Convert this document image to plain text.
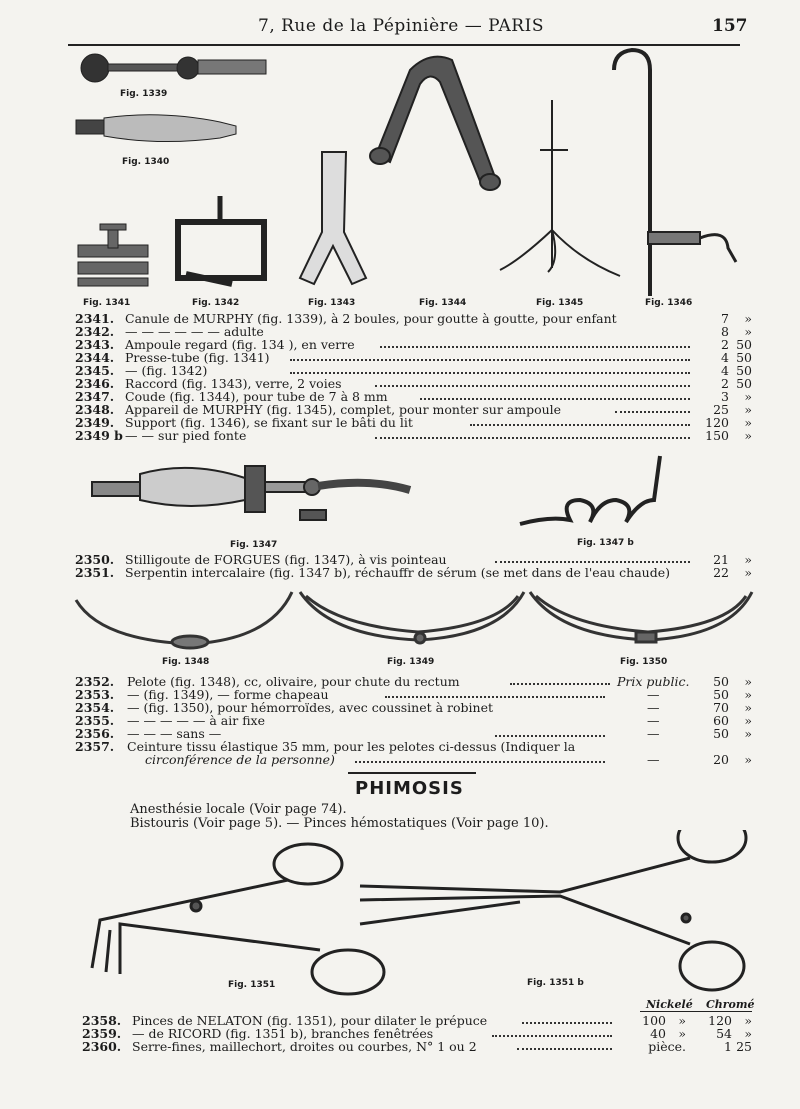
7, Rue de la Pépinière — PARIS	157
Fig. 1339
Fig. 1340
Fig. 1341	Fig. 1342	Fig. 1343	Fig. 1344	Fig. 1345	Fig. 1346
2341. Canule de MURPHY (fig. 1339), à 2 boules, pour goutte à goutte, pour enfant	7	»
2342. — — — — — — adulte	8	»
2343. Ampoule regard (fig. 134 ), en verre	2 50
2344. Presse-tube (fig. 1341)	4 50
2345. — (fig. 1342)	4 50
2346. Raccord (fig. 1343), verre, 2 voies	2 50
2347. Coude (fig. 1344), pour tube de 7 à 8 mm	3	»
2348. Appareil de MURPHY (fig. 1345), complet, pour monter sur ampoule	25	»
2349. Support (fig. 1346), se fixant sur le bâti du lit	120	»
2349 b — — sur pied fonte	150	»
Fig. 1347	Fig. 1347 b
2350. Stilligoute de FORGUES (fig. 1347), à vis pointeau	21	»
2351. Serpentin intercalaire (fig. 1347 b), réchauffr de sérum (se met dans de l'eau chaude)	22	»
Fig. 1348	Fig. 1349	Fig. 1350
2352. Pelote (fig. 1348), cc, olivaire, pour chute du rectum	Prix public.	50	»
2353. — (fig. 1349), — forme chapeau	—	50	»
2354. — (fig. 1350), pour hémorroïdes, avec coussinet à robinet	—	70	»
2355. — — — — — à air fixe	—	60	»
2356. — — — sans —	—	50	»
2357. Ceinture tissu élastique 35 mm, pour les pelotes ci-dessus (Indiquer la
circonférence de la personne)	—	20	»
PHIMOSIS
Anesthésie locale (Voir page 74).
Bistouris (Voir page 5). — Pinces hémostatiques (Voir page 10).
Fig. 1351	Fig. 1351 b
Nickelé Chromé
2358. Pinces de NELATON (fig. 1351), pour dilater le prépuce	100 »	120 »
2359. — de RICORD (fig. 1351 b), branches fenêtrées	40 »	54 »
2360. Serre-fines, maillechort, droites ou courbes, N° 1 ou 2	pièce.	1 25
